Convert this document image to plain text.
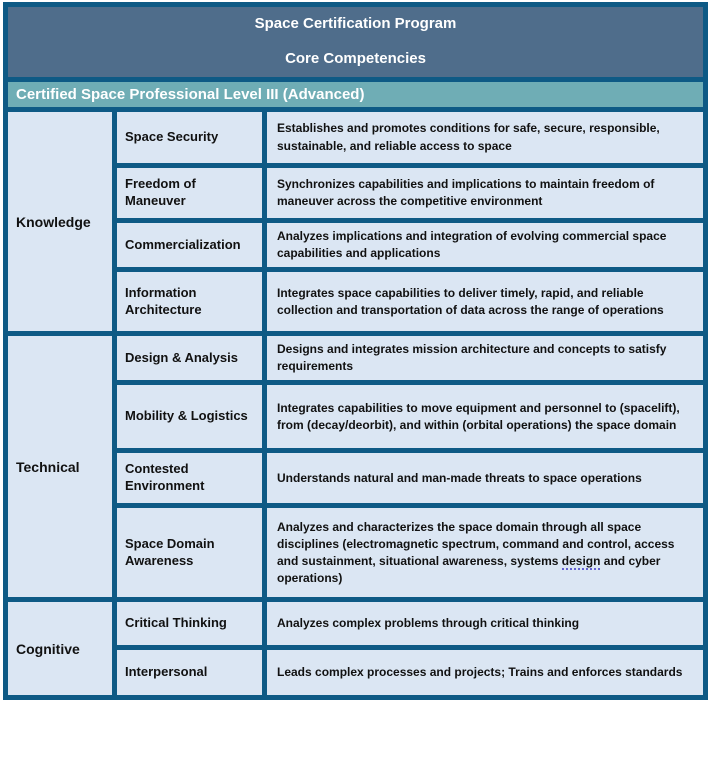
Space Certification Program
Core Competencies		

Certified Space Professional Level III (Advanced)		
Knowledge	Space Security	Establishes and promotes conditions for safe, secure, responsible, sustainable, and reliable access to space
	Freedom of Maneuver	Synchronizes capabilities and implications to maintain freedom of maneuver across the competitive environment
	Commercialization	Analyzes implications and integration of evolving commercial space capabilities and applications
	Information Architecture	Integrates space capabilities to deliver timely, rapid, and reliable collection and transportation of data across the range of operations
Technical	Design & Analysis	Designs and integrates mission architecture and concepts to satisfy requirements
	Mobility & Logistics	Integrates capabilities to move equipment and personnel to (spacelift), from (decay/deorbit), and within (orbital operations) the space domain
	Contested Environment	Understands natural and man-made threats to space operations
	Space Domain Awareness	Analyzes and characterizes the space domain through all space disciplines (electromagnetic spectrum, command and control, access and sustainment, situational awareness, systems design and cyber operations)
Cognitive	Critical Thinking	Analyzes complex problems through critical thinking
	Interpersonal	Leads complex processes and projects; Trains and enforces standards
